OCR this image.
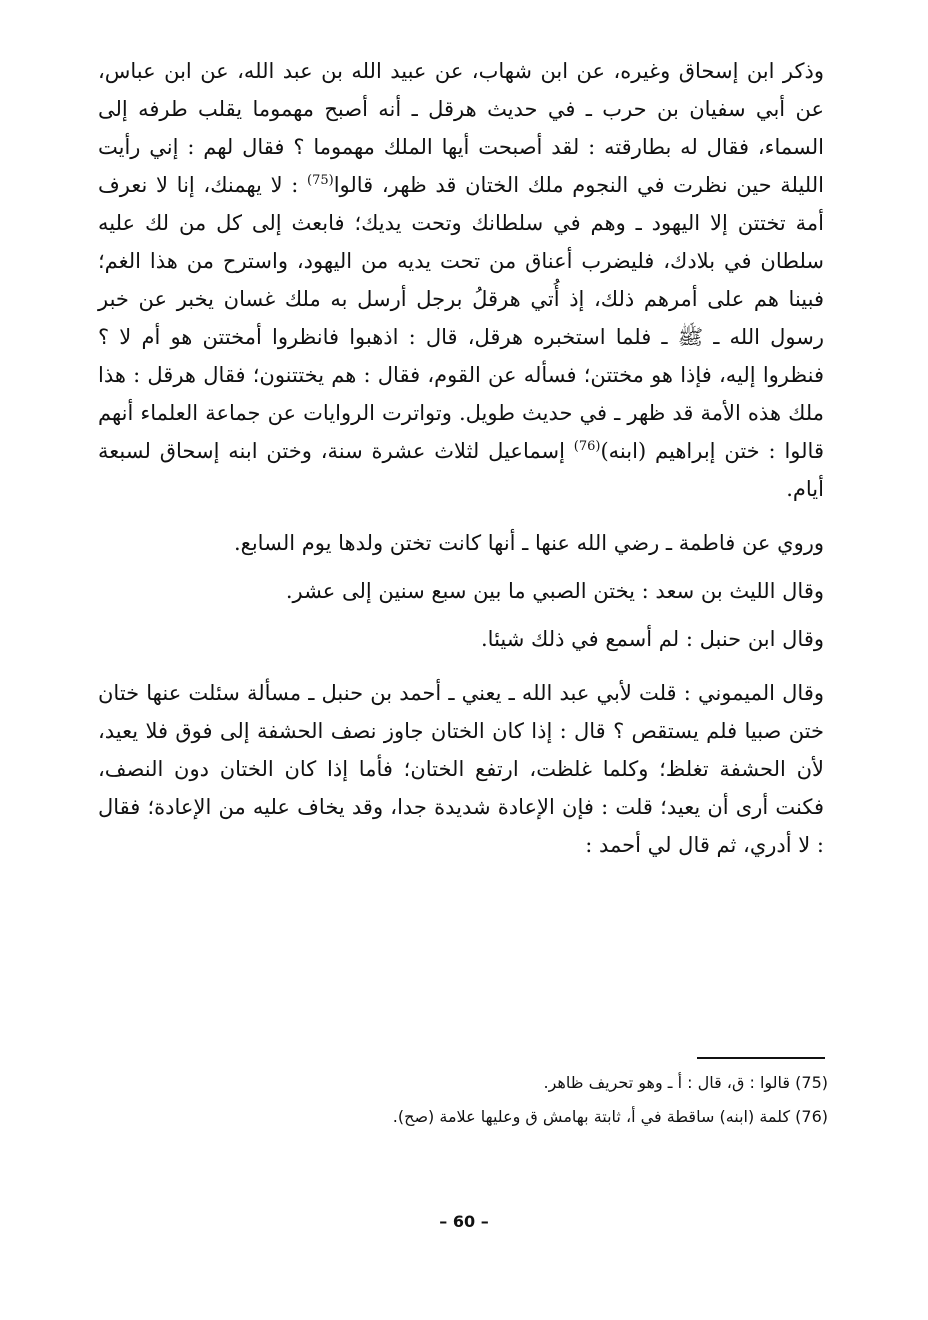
وذكر ابن إسحاق وغيره، عن ابن شهاب، عن عبيد الله بن عبد الله، عن ابن عباس، عن أبي سفيان بن حرب ـ في حديث هرقل ـ أنه أصبح مهموما يقلب طرفه إلى السماء، فقال له بطارقته : لقد أصبحت أيها الملك مهموما ؟ فقال لهم : إني رأيت الليلة حين نظرت في النجوم ملك الختان قد ظهر، قالوا$^{(75)}$ : لا يهمنك، إنا لا نعرف أمة تختتن إلا اليهود ـ وهم في سلطانك وتحت يديك؛ فابعث إلى كل من لك عليه سلطان في بلادك، فليضرب أعناق من تحت يديه من اليهود، واسترح من هذا الغم؛ فبينا هم على أمرهم ذلك، إذ أُتي هرقلُ برجل أرسل به ملك غسان يخبر عن خبر رسول الله ـ ﷺ ـ فلما استخبره هرقل، قال : اذهبوا فانظروا أمختتن هو أم لا ؟ فنظروا إليه، فإذا هو مختتن؛ فسأله عن القوم، فقال : هم يختتنون؛ فقال هرقل : هذا ملك هذه الأمة قد ظهر ـ في حديث طويل. وتواترت الروايات عن جماعة العلماء أنهم قالوا : ختن إبراهيم (ابنه)$^{(76)}$ إسماعيل لثلاث عشرة سنة، وختن ابنه إسحاق لسبعة أيام.

وروي عن فاطمة ـ رضي الله عنها ـ أنها كانت تختن ولدها يوم السابع.

وقال الليث بن سعد : يختن الصبي ما بين سبع سنين إلى عشر.

وقال ابن حنبل : لم أسمع في ذلك شيئا.

وقال الميموني : قلت لأبي عبد الله ـ يعني ـ أحمد بن حنبل ـ مسألة سئلت عنها ختان ختن صبيا فلم يستقص ؟ قال : إذا كان الختان جاوز نصف الحشفة إلى فوق فلا يعيد، لأن الحشفة تغلظ؛ وكلما غلظت، ارتفع الختان؛ فأما إذا كان الختان دون النصف، فكنت أرى أن يعيد؛ قلت : فإن الإعادة شديدة جدا، وقد يخاف عليه من الإعادة؛ فقال : لا أدري، ثم قال لي أحمد :

(75) قالوا : ق، قال : أ ـ وهو تحريف ظاهر.

(76) كلمة (ابنه) ساقطة في أ، ثابتة بهامش ق وعليها علامة (صح).

– 60 –
